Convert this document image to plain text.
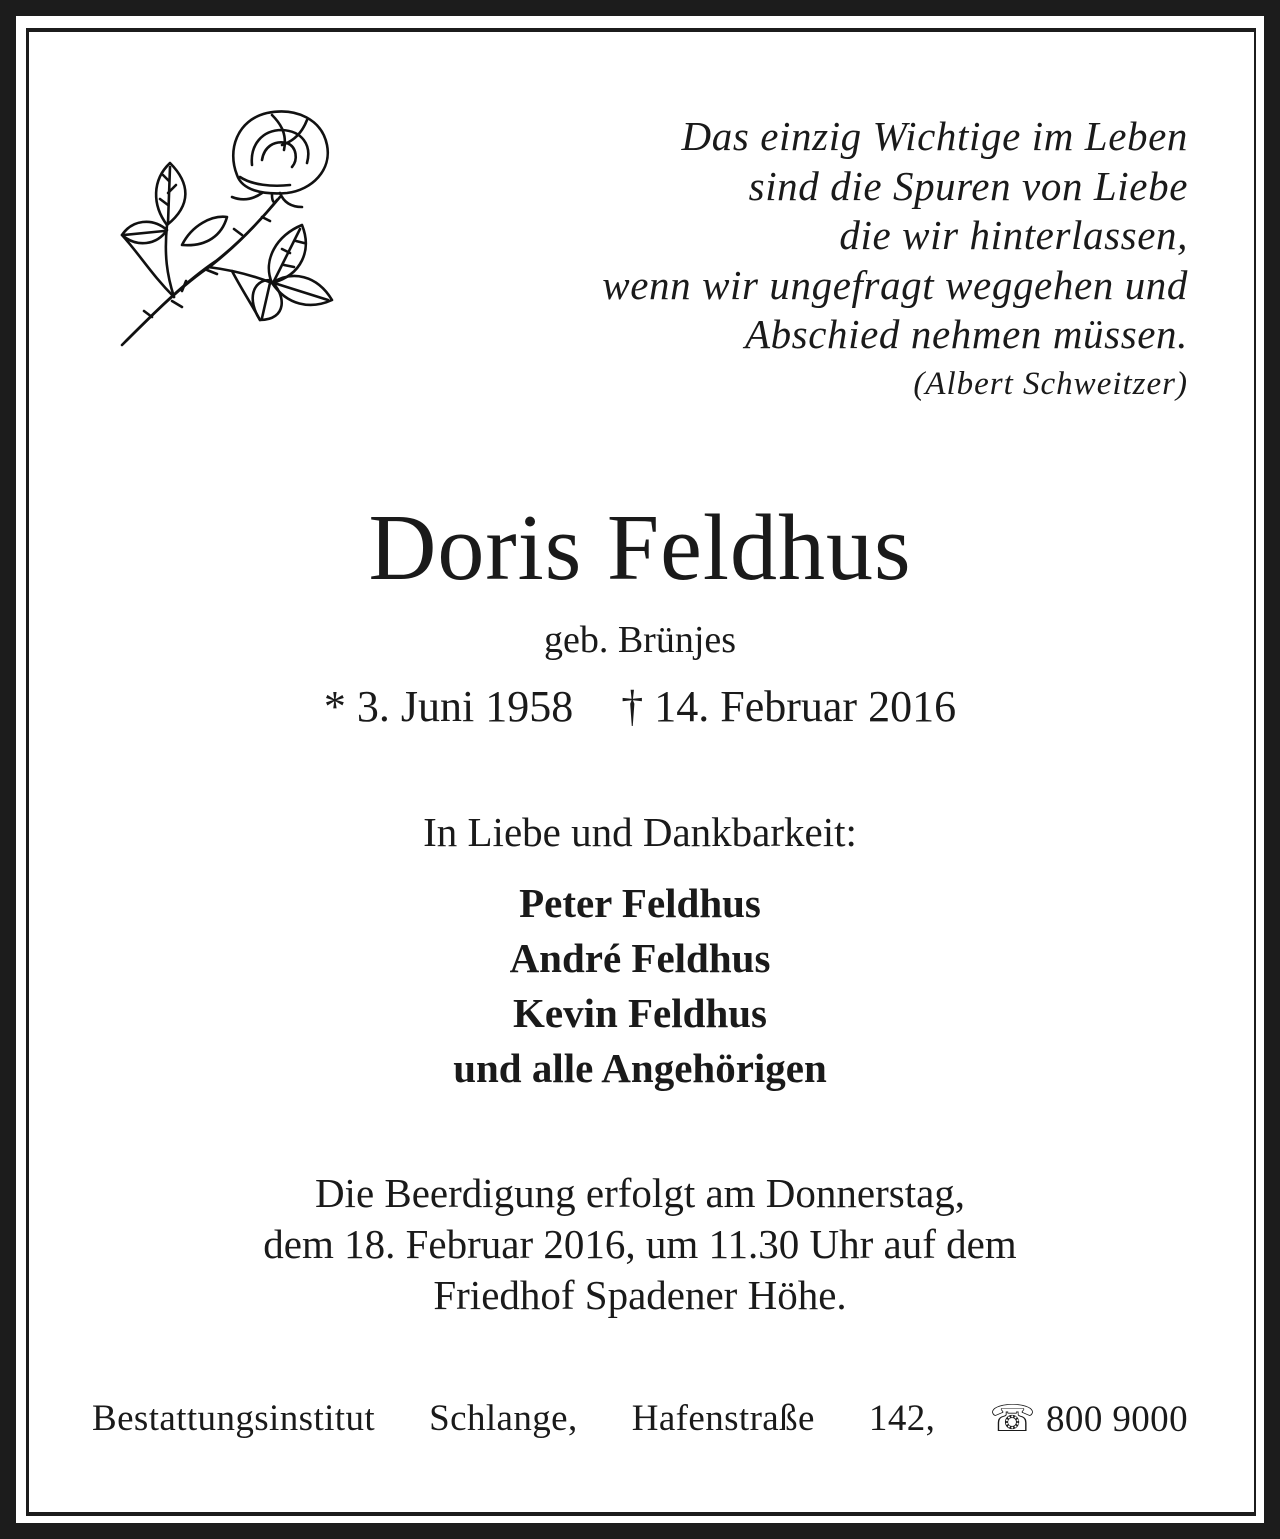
Das einzig Wichtige im Leben
sind die Spuren von Liebe
die wir hinterlassen,
wenn wir ungefragt weggehen und
Abschied nehmen müssen.
(Albert Schweitzer)
Doris Feldhus
geb. Brünjes
* 3. Juni 1958 † 14. Februar 2016
In Liebe und Dankbarkeit:
Peter Feldhus
André Feldhus
Kevin Feldhus
und alle Angehörigen
Die Beerdigung erfolgt am Donnerstag,
dem 18. Februar 2016, um 11.30 Uhr auf dem
Friedhof Spadener Höhe.
Bestattungsinstitut Schlange, Hafenstraße 142, ☏ 800 9000
